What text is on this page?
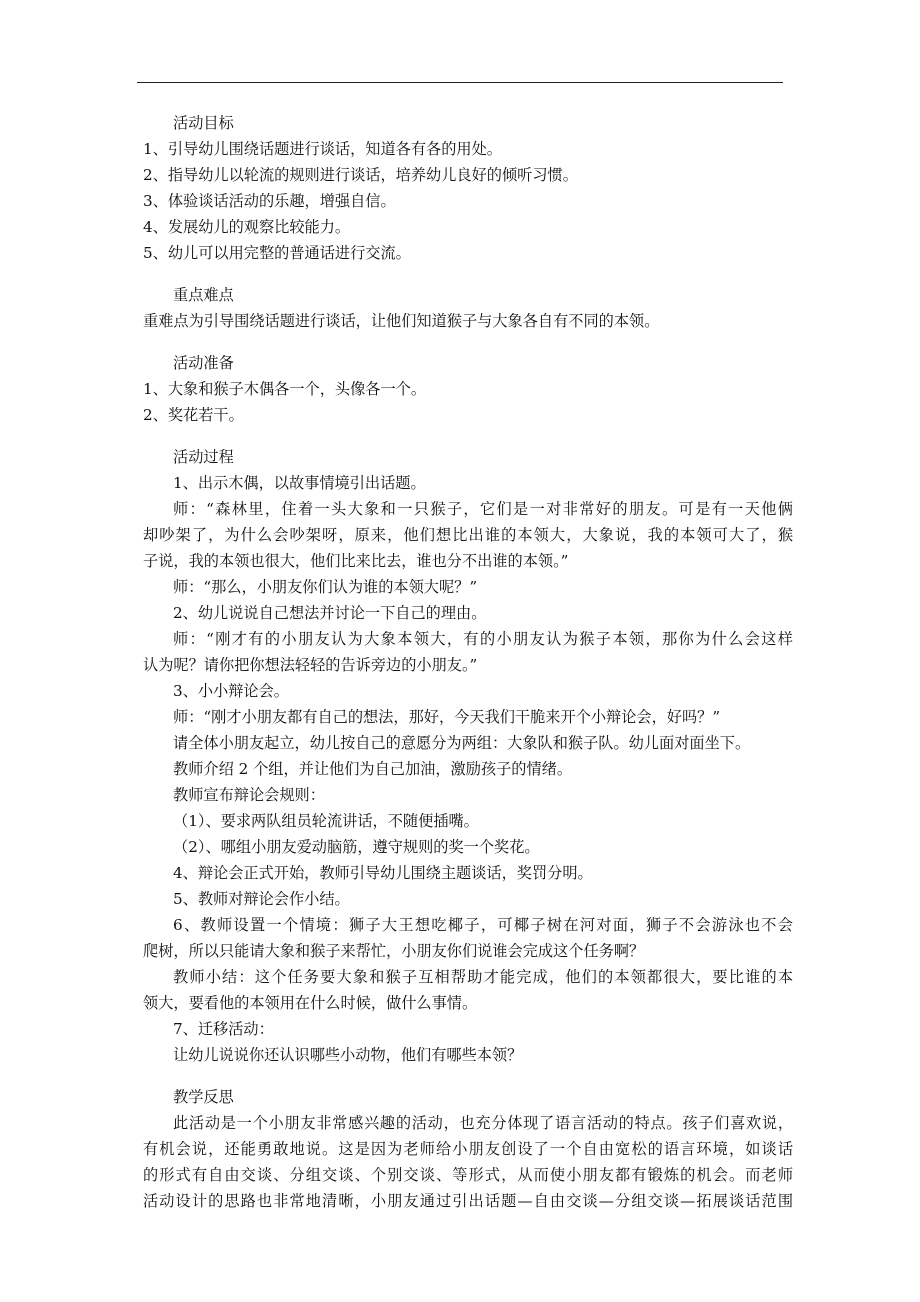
活动目标
1、引导幼儿围绕话题进行谈话，知道各有各的用处。
2、指导幼儿以轮流的规则进行谈话，培养幼儿良好的倾听习惯。
3、体验谈话活动的乐趣，增强自信。
4、发展幼儿的观察比较能力。
5、幼儿可以用完整的普通话进行交流。
重点难点
重难点为引导围绕话题进行谈话，让他们知道猴子与大象各自有不同的本领。
活动准备
1、大象和猴子木偶各一个，头像各一个。
2、奖花若干。
活动过程
1、出示木偶，以故事情境引出话题。
师：“森林里，住着一头大象和一只猴子，它们是一对非常好的朋友。可是有一天他俩
却吵架了，为什么会吵架呀，原来，他们想比出谁的本领大，大象说，我的本领可大了，猴
子说，我的本领也很大，他们比来比去，谁也分不出谁的本领。”
师：“那么，小朋友你们认为谁的本领大呢？”
2、幼儿说说自己想法并讨论一下自己的理由。
师：“刚才有的小朋友认为大象本领大，有的小朋友认为猴子本领，那你为什么会这样
认为呢？请你把你想法轻轻的告诉旁边的小朋友。”
3、小小辩论会。
师：“刚才小朋友都有自己的想法，那好，今天我们干脆来开个小辩论会，好吗？”
请全体小朋友起立，幼儿按自己的意愿分为两组：大象队和猴子队。幼儿面对面坐下。
教师介绍 2 个组，并让他们为自己加油，激励孩子的情绪。
教师宣布辩论会规则：
（1）、要求两队组员轮流讲话，不随便插嘴。
（2）、哪组小朋友爱动脑筋，遵守规则的奖一个奖花。
4、辩论会正式开始，教师引导幼儿围绕主题谈话，奖罚分明。
5、教师对辩论会作小结。
6、教师设置一个情境：狮子大王想吃椰子，可椰子树在河对面，狮子不会游泳也不会
爬树，所以只能请大象和猴子来帮忙，小朋友你们说谁会完成这个任务啊？
教师小结：这个任务要大象和猴子互相帮助才能完成，他们的本领都很大，要比谁的本
领大，要看他的本领用在什么时候，做什么事情。
7、迁移活动：
让幼儿说说你还认识哪些小动物，他们有哪些本领？
教学反思
此活动是一个小朋友非常感兴趣的活动，也充分体现了语言活动的特点。孩子们喜欢说，
有机会说，还能勇敢地说。这是因为老师给小朋友创设了一个自由宽松的语言环境，如谈话
的形式有自由交谈、分组交谈、个别交谈、等形式，从而使小朋友都有锻炼的机会。而老师
活动设计的思路也非常地清晰，小朋友通过引出话题—自由交谈—分组交谈—拓展谈话范围
